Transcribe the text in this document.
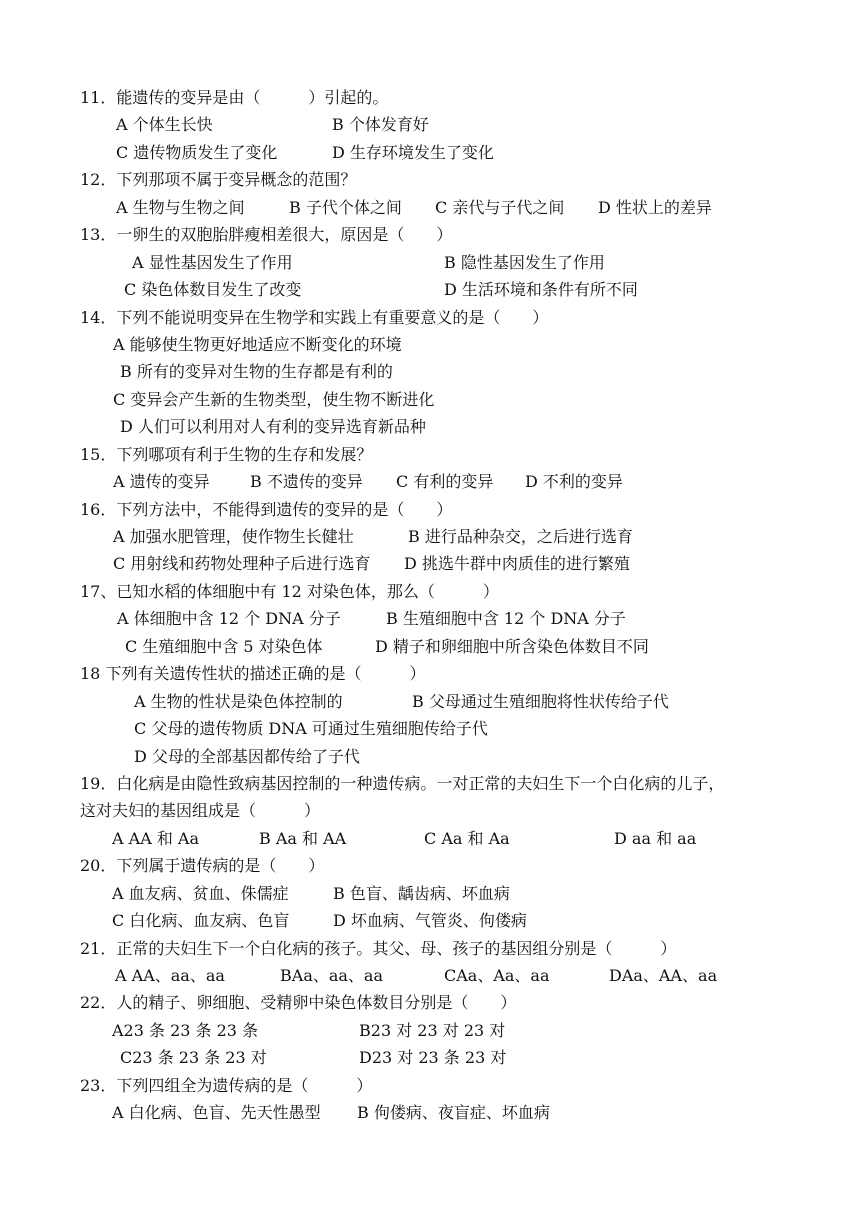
11．能遗传的变异是由（　　　）引起的。
A 个体生长快	B 个体发育好
C 遗传物质发生了变化	D 生存环境发生了变化
12．下列那项不属于变异概念的范围？
A 生物与生物之间	B 子代个体之间 C 亲代与子代之间 D 性状上的差异
13．一卵生的双胞胎胖瘦相差很大，原因是（　　）
A 显性基因发生了作用	B 隐性基因发生了作用
C 染色体数目发生了改变	D 生活环境和条件有所不同
14．下列不能说明变异在生物学和实践上有重要意义的是（　　）
A 能够使生物更好地适应不断变化的环境
B 所有的变异对生物的生存都是有利的
C 变异会产生新的生物类型，使生物不断进化
D 人们可以利用对人有利的变异选育新品种
15．下列哪项有利于生物的生存和发展？
A 遗传的变异	B 不遗传的变异 C 有利的变异 D 不利的变异
16．下列方法中，不能得到遗传的变异的是（　　）
A 加强水肥管理，使作物生长健壮	B 进行品种杂交，之后进行选育
C 用射线和药物处理种子后进行选育 D 挑选牛群中肉质佳的进行繁殖
17、已知水稻的体细胞中有 12 对染色体，那么（　　　）
A 体细胞中含 12 个 DNA 分子	B 生殖细胞中含 12 个 DNA 分子
C 生殖细胞中含 5 对染色体	D 精子和卵细胞中所含染色体数目不同
18 下列有关遗传性状的描述正确的是（　　　）
A 生物的性状是染色体控制的	B 父母通过生殖细胞将性状传给子代
C 父母的遗传物质 DNA 可通过生殖细胞传给子代
D 父母的全部基因都传给了子代
19．白化病是由隐性致病基因控制的一种遗传病。一对正常的夫妇生下一个白化病的儿子，
这对夫妇的基因组成是（　　　）
A AA 和 Aa	B Aa 和 AA	C Aa 和 Aa	D aa 和 aa
20．下列属于遗传病的是（　　）
A 血友病、贫血、侏儒症	B 色盲、龋齿病、坏血病
C 白化病、血友病、色盲	D 坏血病、气管炎、佝偻病
21．正常的夫妇生下一个白化病的孩子。其父、母、孩子的基因组分别是（　　　）
A AA、aa、aa	BAa、aa、aa	CAa、Aa、aa	DAa、AA、aa
22．人的精子、卵细胞、受精卵中染色体数目分别是（　　）
A23 条 23 条 23 条	B23 对 23 对 23 对
C23 条 23 条 23 对	D23 对 23 条 23 对
23．下列四组全为遗传病的是（　　　）
A 白化病、色盲、先天性愚型 B 佝偻病、夜盲症、坏血病
